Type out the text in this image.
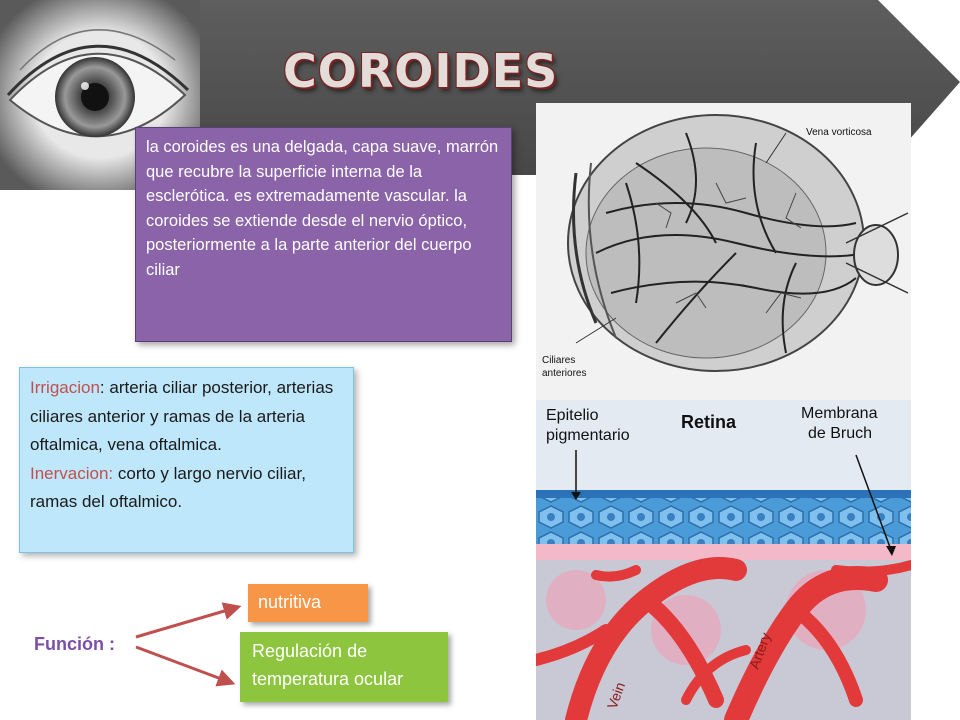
COROIDES
la coroides es una delgada, capa suave, marrón que recubre la superficie interna de la esclerótica. es extremadamente vascular. la coroides se extiende desde el nervio óptico, posteriormente a la parte anterior del cuerpo ciliar
Irrigacion: arteria ciliar posterior, arterias ciliares anterior y ramas de la arteria oftalmica, vena oftalmica.
Inervacion: corto y largo nervio ciliar, ramas del oftalmico.
Función :
nutritiva
Regulación de temperatura ocular
Vena vorticosa
Ciliares
anteriores
Epitelio
pigmentario
Retina	Membrana
de Bruch
Artery
Vein
